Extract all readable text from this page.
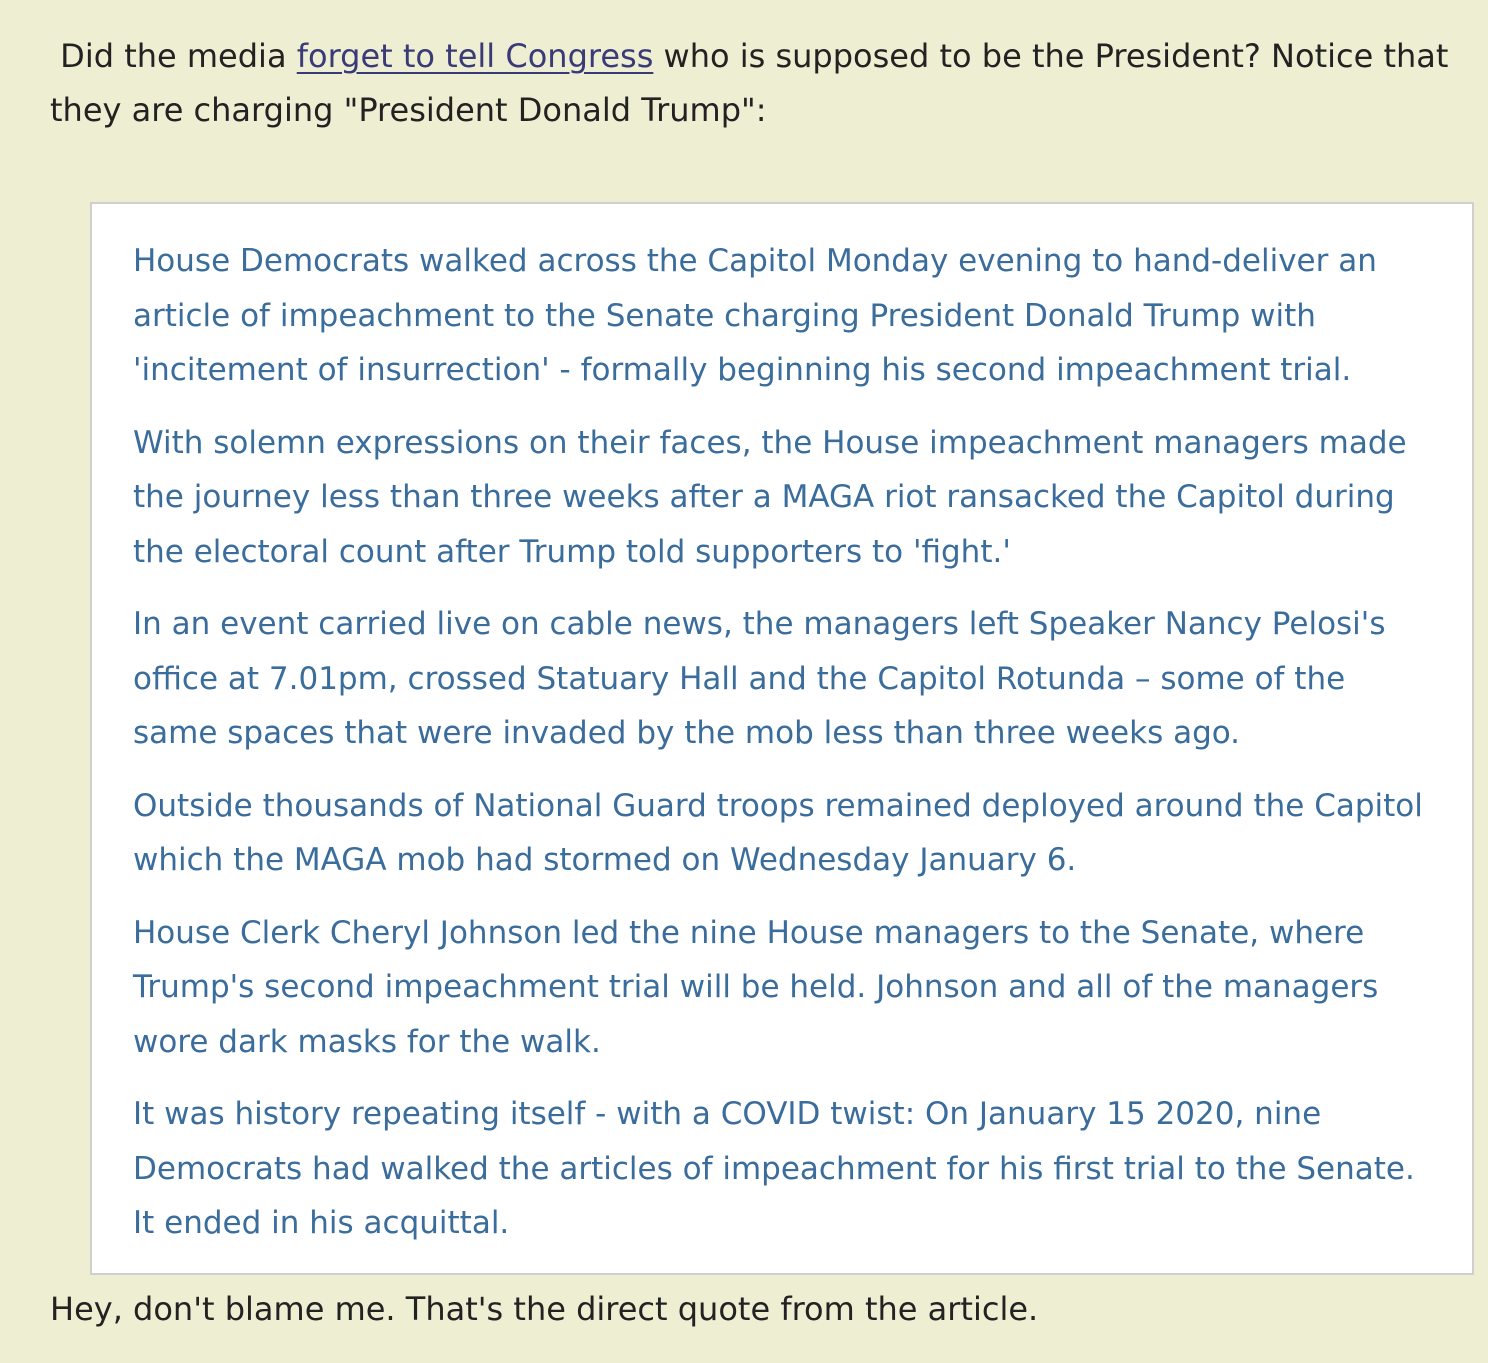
Did the media forget to tell Congress who is supposed to be the President? Notice that they are charging "President Donald Trump":

House Democrats walked across the Capitol Monday evening to hand-deliver an article of impeachment to the Senate charging President Donald Trump with 'incitement of insurrection' - formally beginning his second impeachment trial.

With solemn expressions on their faces, the House impeachment managers made the journey less than three weeks after a MAGA riot ransacked the Capitol during the electoral count after Trump told supporters to 'fight.'

In an event carried live on cable news, the managers left Speaker Nancy Pelosi's office at 7.01pm, crossed Statuary Hall and the Capitol Rotunda – some of the same spaces that were invaded by the mob less than three weeks ago.

Outside thousands of National Guard troops remained deployed around the Capitol which the MAGA mob had stormed on Wednesday January 6.

House Clerk Cheryl Johnson led the nine House managers to the Senate, where Trump's second impeachment trial will be held. Johnson and all of the managers wore dark masks for the walk.

It was history repeating itself - with a COVID twist: On January 15 2020, nine Democrats had walked the articles of impeachment for his first trial to the Senate. It ended in his acquittal.

Hey, don't blame me. That's the direct quote from the article.
